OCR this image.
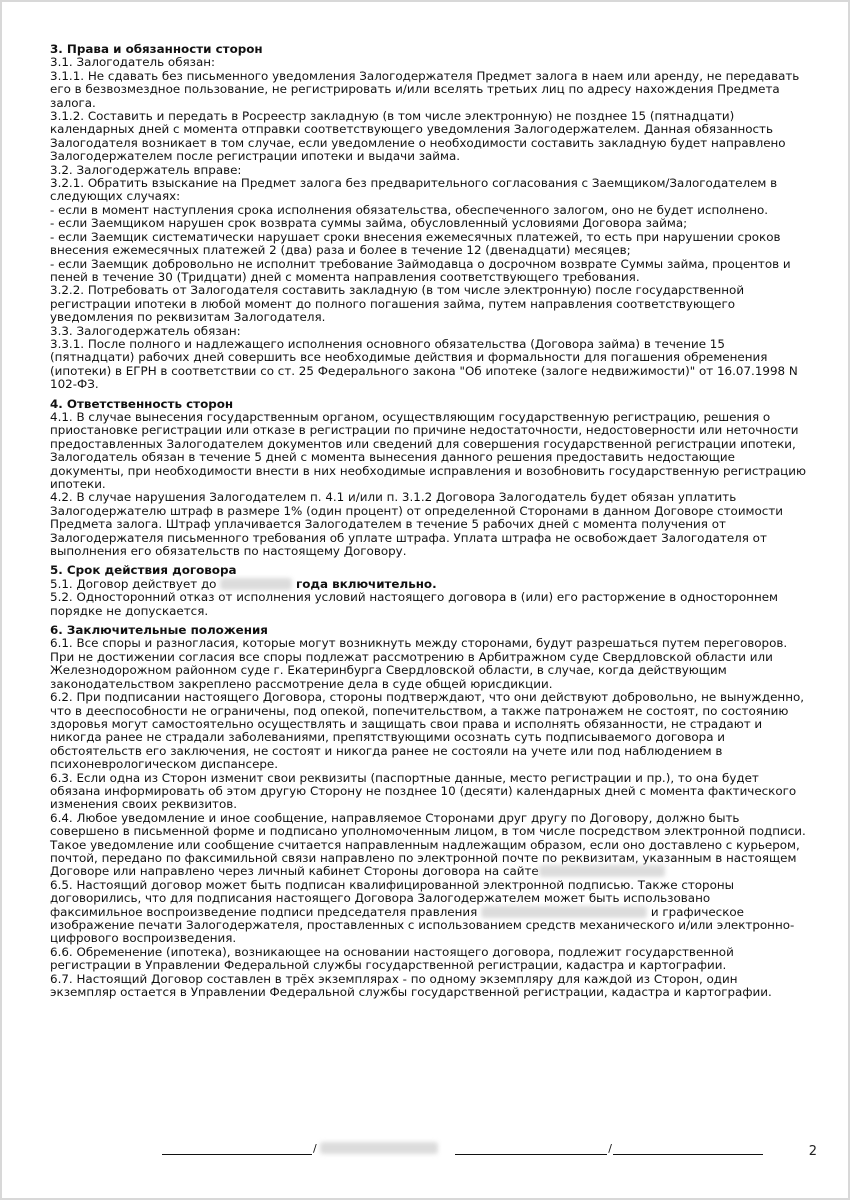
3. Права и обязанности сторон

3.1. Залогодатель обязан:

3.1.1. Не сдавать без письменного уведомления Залогодержателя Предмет залога в наем или аренду, не передавать его в безвозмездное пользование, не регистрировать и/или вселять третьих лиц по адресу нахождения Предмета залога.

3.1.2. Составить и передать в Росреестр закладную (в том числе электронную) не позднее 15 (пятнадцати) календарных дней с момента отправки соответствующего уведомления Залогодержателем. Данная обязанность Залогодателя возникает в том случае, если уведомление о необходимости составить закладную будет направлено Залогодержателем после регистрации ипотеки и выдачи займа.

3.2. Залогодержатель вправе:

3.2.1. Обратить взыскание на Предмет залога без предварительного согласования с Заемщиком/Залогодателем в следующих случаях:

- если в момент наступления срока исполнения обязательства, обеспеченного залогом, оно не будет исполнено.

- если Заемщиком нарушен срок возврата суммы займа, обусловленный условиями Договора займа;

- если Заемщик систематически нарушает сроки внесения ежемесячных платежей, то есть при нарушении сроков внесения ежемесячных платежей 2 (два) раза и более в течение 12 (двенадцати) месяцев;

- если Заемщик добровольно не исполнит требование Займодавца о досрочном возврате Суммы займа, процентов и пеней в течение 30 (Тридцати) дней с момента направления соответствующего требования.

3.2.2. Потребовать от Залогодателя составить закладную (в том числе электронную) после государственной регистрации ипотеки в любой момент до полного погашения займа, путем направления соответствующего уведомления по реквизитам Залогодателя.

3.3. Залогодержатель обязан:

3.3.1. После полного и надлежащего исполнения основного обязательства (Договора займа) в течение 15 (пятнадцати) рабочих дней совершить все необходимые действия и формальности для погашения обременения (ипотеки) в ЕГРН в соответствии со ст. 25 Федерального закона "Об ипотеке (залоге недвижимости)" от 16.07.1998 N 102-ФЗ.

4. Ответственность сторон

4.1. В случае вынесения государственным органом, осуществляющим государственную регистрацию, решения о приостановке регистрации или отказе в регистрации по причине недостаточности, недостоверности или неточности предоставленных Залогодателем документов или сведений для совершения государственной регистрации ипотеки, Залогодатель обязан в течение 5 дней с момента вынесения данного решения предоставить недостающие документы, при необходимости внести в них необходимые исправления и возобновить государственную регистрацию ипотеки.

4.2. В случае нарушения Залогодателем п. 4.1 и/или п. 3.1.2 Договора Залогодатель будет обязан уплатить Залогодержателю штраф в размере 1% (один процент) от определенной Сторонами в данном Договоре стоимости Предмета залога. Штраф уплачивается Залогодателем в течение 5 рабочих дней с момента получения от Залогодержателя письменного требования об уплате штрафа. Уплата штрафа не освобождает Залогодателя от выполнения его обязательств по настоящему Договору.

5. Срок действия договора

5.1. Договор действует до	года включительно.

5.2. Односторонний отказ от исполнения условий настоящего договора в (или) его расторжение в одностороннем порядке не допускается.

6. Заключительные положения

6.1. Все споры и разногласия, которые могут возникнуть между сторонами, будут разрешаться путем переговоров. При не достижении согласия все споры подлежат рассмотрению в Арбитражном суде Свердловской области или Железнодорожном районном суде г. Екатеринбурга Свердловской области, в случае, когда действующим законодательством закреплено рассмотрение дела в суде общей юрисдикции.

6.2. При подписании настоящего Договора, стороны подтверждают, что они действуют добровольно, не вынужденно, что в дееспособности не ограничены, под опекой, попечительством, а также патронажем не состоят, по состоянию здоровья могут самостоятельно осуществлять и защищать свои права и исполнять обязанности, не страдают и никогда ранее не страдали заболеваниями, препятствующими осознать суть подписываемого договора и обстоятельств его заключения, не состоят и никогда ранее не состояли на учете или под наблюдением в психоневрологическом диспансере.

6.3. Если одна из Сторон изменит свои реквизиты (паспортные данные, место регистрации и пр.), то она будет обязана информировать об этом другую Сторону не позднее 10 (десяти) календарных дней с момента фактического изменения своих реквизитов.

6.4. Любое уведомление и иное сообщение, направляемое Сторонами друг другу по Договору, должно быть совершено в письменной форме и подписано уполномоченным лицом, в том числе посредством электронной подписи. Такое уведомление или сообщение считается направленным надлежащим образом, если оно доставлено с курьером, почтой, передано по факсимильной связи направлено по электронной почте по реквизитам, указанным в настоящем Договоре или направлено через личный кабинет Стороны договора на сайте

6.5. Настоящий договор может быть подписан квалифицированной электронной подписью. Также стороны договорились, что для подписания настоящего Договора Залогодержателем может быть использовано факсимильное воспроизведение подписи председателя правления	и графическое изображение печати Залогодержателя, проставленных с использованием средств механического и/или электронно-цифрового воспроизведения.

6.6. Обременение (ипотека), возникающее на основании настоящего договора, подлежит государственной регистрации в Управлении Федеральной службы государственной регистрации, кадастра и картографии.

6.7. Настоящий Договор составлен в трёх экземплярах - по одному экземпляру для каждой из Сторон, один экземпляр остается в Управлении Федеральной службы государственной регистрации, кадастра и картографии.

/	/	2
